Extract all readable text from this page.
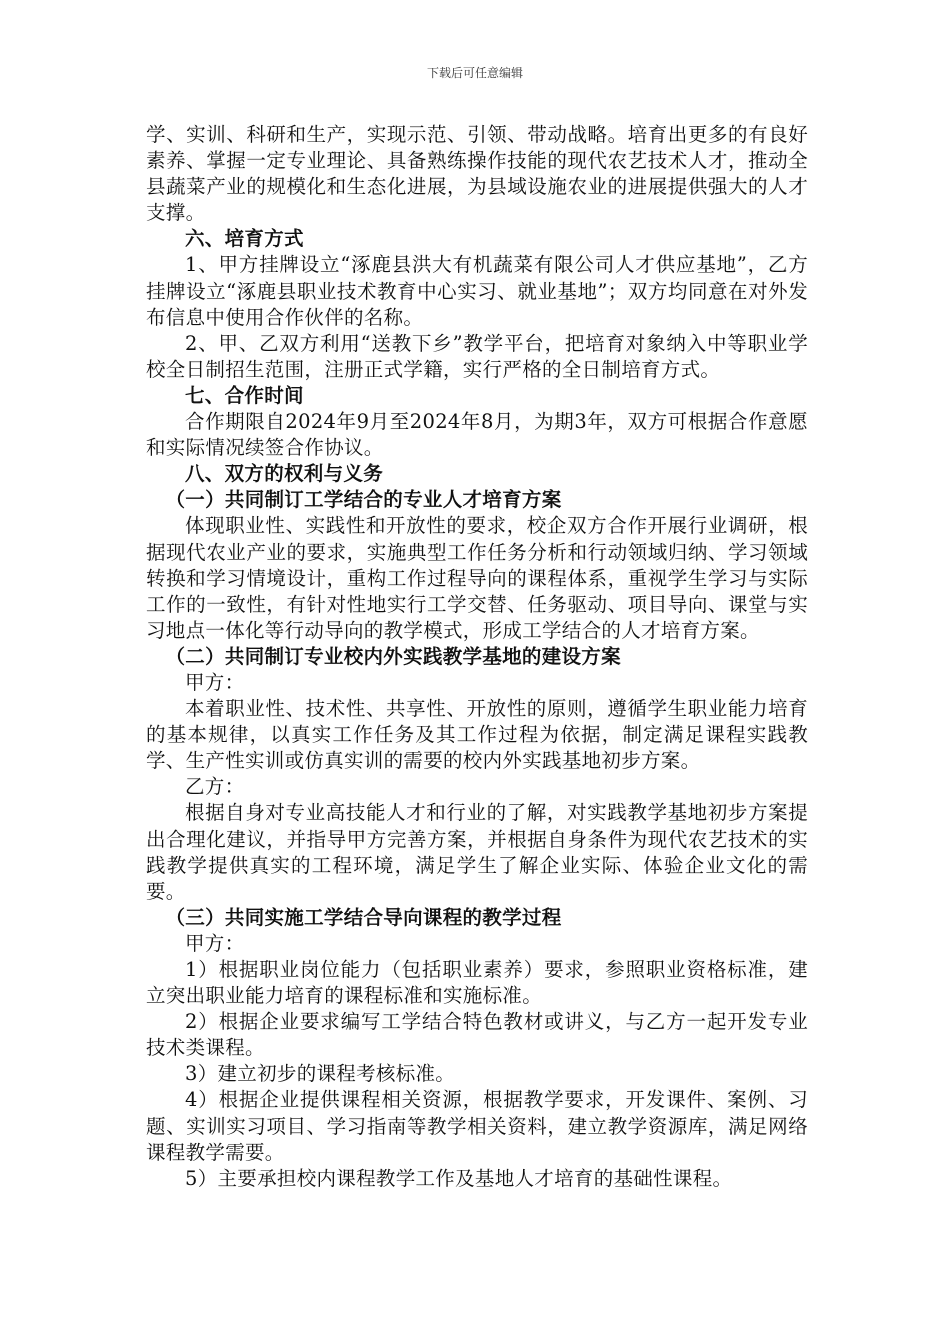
下载后可任意编辑

学、实训、科研和生产，实现示范、引领、带动战略。培育出更多的有良好素养、掌握一定专业理论、具备熟练操作技能的现代农艺技术人才，推动全县蔬菜产业的规模化和生态化进展，为县域设施农业的进展提供强大的人才支撑。

六、培育方式

1、甲方挂牌设立“涿鹿县洪大有机蔬菜有限公司人才供应基地”，乙方挂牌设立“涿鹿县职业技术教育中心实习、就业基地”；双方均同意在对外发布信息中使用合作伙伴的名称。

2、甲、乙双方利用“送教下乡”教学平台，把培育对象纳入中等职业学校全日制招生范围，注册正式学籍，实行严格的全日制培育方式。

七、合作时间

合作期限自2024年9月至2024年8月，为期3年，双方可根据合作意愿和实际情况续签合作协议。

八、双方的权利与义务

（一）共同制订工学结合的专业人才培育方案

体现职业性、实践性和开放性的要求，校企双方合作开展行业调研，根据现代农业产业的要求，实施典型工作任务分析和行动领域归纳、学习领域转换和学习情境设计，重构工作过程导向的课程体系，重视学生学习与实际工作的一致性，有针对性地实行工学交替、任务驱动、项目导向、课堂与实习地点一体化等行动导向的教学模式，形成工学结合的人才培育方案。

（二）共同制订专业校内外实践教学基地的建设方案

甲方：

本着职业性、技术性、共享性、开放性的原则，遵循学生职业能力培育的基本规律，以真实工作任务及其工作过程为依据，制定满足课程实践教学、生产性实训或仿真实训的需要的校内外实践基地初步方案。

乙方：

根据自身对专业高技能人才和行业的了解，对实践教学基地初步方案提出合理化建议，并指导甲方完善方案，并根据自身条件为现代农艺技术的实践教学提供真实的工程环境，满足学生了解企业实际、体验企业文化的需要。

（三）共同实施工学结合导向课程的教学过程

甲方：

1）根据职业岗位能力（包括职业素养）要求，参照职业资格标准，建立突出职业能力培育的课程标准和实施标准。

2）根据企业要求编写工学结合特色教材或讲义，与乙方一起开发专业技术类课程。

3）建立初步的课程考核标准。

4）根据企业提供课程相关资源，根据教学要求，开发课件、案例、习题、实训实习项目、学习指南等教学相关资料，建立教学资源库，满足网络课程教学需要。

5）主要承担校内课程教学工作及基地人才培育的基础性课程。
